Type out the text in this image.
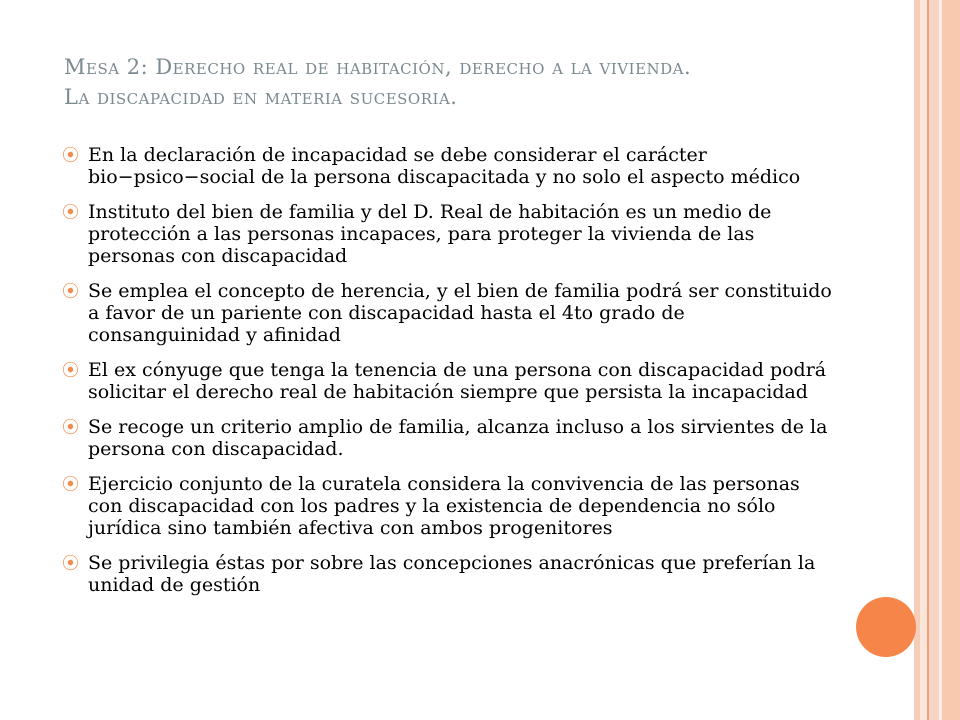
Mesa 2: Derecho real de habitación, derecho a la vivienda.
La discapacidad en materia sucesoria.
⦿ En la declaración de incapacidad se debe considerar el carácter bio−psico−social de la persona discapacitada y no solo el aspecto médico
⦿ Instituto del bien de familia y del D. Real de habitación es un medio de protección a las personas incapaces, para proteger la vivienda de las personas con discapacidad
⦿ Se emplea el concepto de herencia, y el bien de familia podrá ser constituido a favor de un pariente con discapacidad hasta el 4to grado de consanguinidad y afinidad
⦿ El ex cónyuge que tenga la tenencia de una persona con discapacidad podrá solicitar el derecho real de habitación siempre que persista la incapacidad
⦿ Se recoge un criterio amplio de familia, alcanza incluso a los sirvientes de la persona con discapacidad.
⦿ Ejercicio conjunto de la curatela considera la convivencia de las personas con discapacidad con los padres y la existencia de dependencia no sólo jurídica sino también afectiva con ambos progenitores
⦿ Se privilegia éstas por sobre las concepciones anacrónicas que preferían la unidad de gestión
